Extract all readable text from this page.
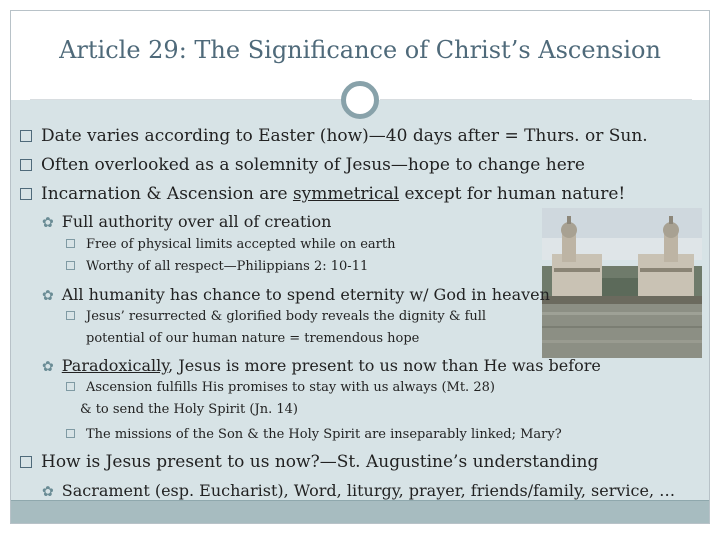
Article 29: The Significance of Christ’s Ascension
Date varies according to Easter (how)—40 days after = Thurs. or Sun.
Often overlooked as a solemnity of Jesus—hope to change here
Incarnation & Ascension are symmetrical except for human nature!
✿ Full authority over all of creation
Free of physical limits accepted while on earth
Worthy of all respect—Philippians 2: 10-11
✿ All humanity has chance to spend eternity w/ God in heaven
Jesus’ resurrected & glorified body reveals the dignity & full
potential of our human nature = tremendous hope
✿ Paradoxically, Jesus is more present to us now than He was before
Ascension fulfills His promises to stay with us always (Mt. 28)
& to send the Holy Spirit (Jn. 14)
The missions of the Son & the Holy Spirit are inseparably linked; Mary?
How is Jesus present to us now?—St. Augustine’s understanding
✿ Sacrament (esp. Eucharist), Word, liturgy, prayer, friends/family, service, …
